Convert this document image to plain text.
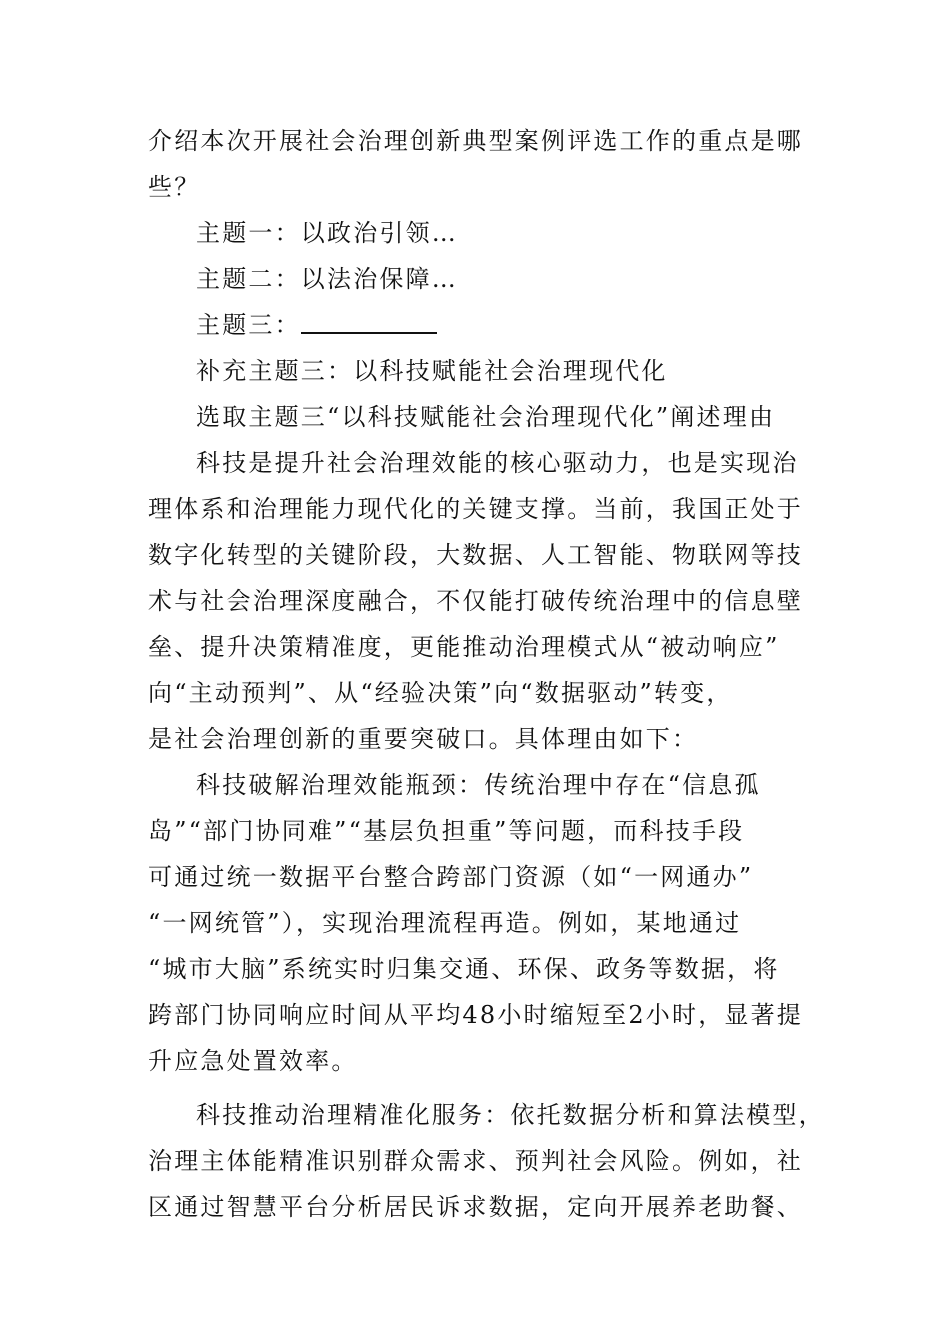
介绍本次开展社会治理创新典型案例评选工作的重点是哪
些？
主题一：以政治引领…
主题二：以法治保障…
主题三：
补充主题三：以科技赋能社会治理现代化
选取主题三“以科技赋能社会治理现代化”阐述理由
科技是提升社会治理效能的核心驱动力，也是实现治
理体系和治理能力现代化的关键支撑。当前，我国正处于
数字化转型的关键阶段，大数据、人工智能、物联网等技
术与社会治理深度融合，不仅能打破传统治理中的信息壁
垒、提升决策精准度，更能推动治理模式从“被动响应”
向“主动预判”、从“经验决策”向“数据驱动”转变，
是社会治理创新的重要突破口。具体理由如下：
科技破解治理效能瓶颈：传统治理中存在“信息孤
岛”“部门协同难”“基层负担重”等问题，而科技手段
可通过统一数据平台整合跨部门资源（如“一网通办”
“一网统管”），实现治理流程再造。例如，某地通过
“城市大脑”系统实时归集交通、环保、政务等数据，将
跨部门协同响应时间从平均48小时缩短至2小时，显著提
升应急处置效率。
科技推动治理精准化服务：依托数据分析和算法模型，
治理主体能精准识别群众需求、预判社会风险。例如，社
区通过智慧平台分析居民诉求数据，定向开展养老助餐、
